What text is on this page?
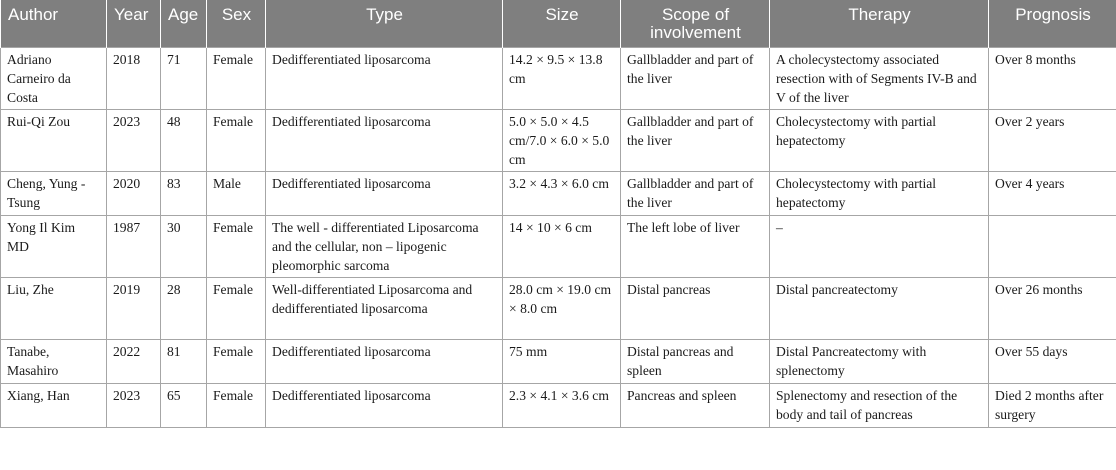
Author	Year	Age	Sex	Type	Size	Scope of involvement	Therapy	Prognosis
Adriano Carneiro da Costa	2018	71	Female	Dedifferentiated liposarcoma	14.2 × 9.5 × 13.8 cm	Gallbladder and part of the liver	A cholecystectomy associated resection with of Segments IV-B and V of the liver	Over 8 months
Rui-Qi Zou	2023	48	Female	Dedifferentiated liposarcoma	5.0 × 5.0 × 4.5 cm/7.0 × 6.0 × 5.0 cm	Gallbladder and part of the liver	Cholecystectomy with partial hepatectomy	Over 2 years
Cheng, Yung - Tsung	2020	83	Male	Dedifferentiated liposarcoma	3.2 × 4.3 × 6.0 cm	Gallbladder and part of the liver	Cholecystectomy with partial hepatectomy	Over 4 years
Yong Il Kim MD	1987	30	Female	The well - differentiated Liposarcoma and the cellular, non – lipogenic pleomorphic sarcoma	14 × 10 × 6 cm	The left lobe of liver	–	
Liu, Zhe	2019	28	Female	Well-differentiated Liposarcoma and dedifferentiated liposarcoma	28.0 cm × 19.0 cm × 8.0 cm	Distal pancreas	Distal pancreatectomy	Over 26 months
Tanabe, Masahiro	2022	81	Female	Dedifferentiated liposarcoma	75 mm	Distal pancreas and spleen	Distal Pancreatectomy with splenectomy	Over 55 days
Xiang, Han	2023	65	Female	Dedifferentiated liposarcoma	2.3 × 4.1 × 3.6 cm	Pancreas and spleen	Splenectomy and resection of the body and tail of pancreas	Died 2 months after surgery
